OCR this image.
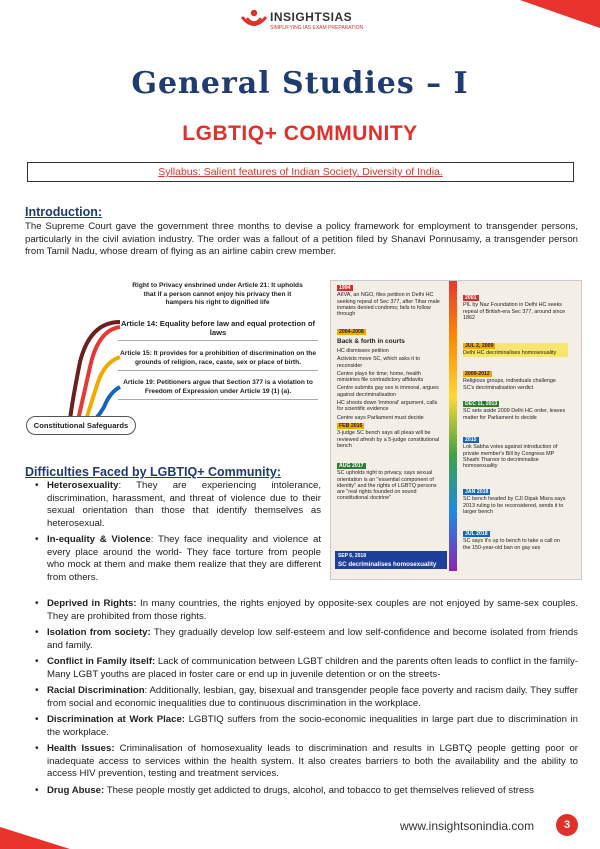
INSIGHTSIAS
SIMPLIFYING IAS EXAM PREPARATION
General Studies – I
LGBTIQ+ COMMUNITY
Syllabus: Salient features of Indian Society, Diversity of India.
Introduction:
The Supreme Court gave the government three months to devise a policy framework for employment to transgender persons, particularly in the civil aviation industry. The order was a fallout of a petition filed by Shanavi Ponnusamy, a transgender person from Tamil Nadu, whose dream of flying as an airline cabin crew member.
Right to Privacy enshrined under Article 21: It upholds that if a person cannot enjoy his privacy then it hampers his right to dignified life
Article 14: Equality before law and equal protection of laws
Article 15: It provides for a prohibition of discrimination on the grounds of religion, race, caste, sex or place of birth.
Article 19: Petitioners argue that Section 377 is a violation to Freedom of Expression under Article 19 (1) (a).
Constitutional Safeguards
1994
AIIVA, an NGO, files petition in Delhi HC seeking repeal of Sec 377, after Tihar male inmates denied condoms; fails to follow through
2004-2008
Back & forth in courts
HC dismisses petition
Activists move SC, which asks it to reconsider
Centre plays for time; home, health ministries file contradictory affidavits
Centre submits gay sex is immoral, argues against decriminalisation
HC shoots down 'immoral' argument, calls for scientific evidence
Centre says Parliament must decide
FEB 2016
3-judge SC bench says all pleas will be reviewed afresh by a 5-judge constitutional bench
AUG 2017
SC upholds right to privacy, says sexual orientation is an "essential component of identity" and the rights of LGBTQ persons are "real rights founded on sound constitutional doctrine"
SEP 6, 2018
SC decriminalises homosexuality
2001
PIL by Naz Foundation in Delhi HC seeks repeal of British-era Sec 377, around since 1862
JUL 2, 2009
Delhi HC decriminalises homosexuality
2009-2012
Religious groups, individuals challenge SC's decriminalisation verdict
DEC 11, 2013
SC sets aside 2009 Delhi HC order, leaves matter for Parliament to decide
2015
Lok Sabha votes against introduction of private member's Bill by Congress MP Shashi Tharoor to decriminalise homosexuality
JAN 2018
SC bench headed by CJI Dipak Misra says 2013 ruling to be reconsidered, sends it to larger bench
JUL 2018
SC says it's up to bench to take a call on the 150-year-old ban on gay sex
Difficulties Faced by LGBTIQ+ Community:
• Heterosexuality: They are experiencing intolerance, discrimination, harassment, and threat of violence due to their sexual orientation than those that identify themselves as heterosexual.
• In-equality & Violence: They face inequality and violence at every place around the world- They face torture from people who mock at them and make them realize that they are different from others.
• Deprived in Rights: In many countries, the rights enjoyed by opposite-sex couples are not enjoyed by same-sex couples. They are prohibited from those rights.
• Isolation from society: They gradually develop low self-esteem and low self-confidence and become isolated from friends and family.
• Conflict in Family itself: Lack of communication between LGBT children and the parents often leads to conflict in the family- Many LGBT youths are placed in foster care or end up in juvenile detention or on the streets-
• Racial Discrimination: Additionally, lesbian, gay, bisexual and transgender people face poverty and racism daily. They suffer from social and economic inequalities due to continuous discrimination in the workplace.
• Discrimination at Work Place: LGBTIQ suffers from the socio-economic inequalities in large part due to discrimination in the workplace.
• Health Issues: Criminalisation of homosexuality leads to discrimination and results in LGBTQ people getting poor or inadequate access to services within the health system. It also creates barriers to both the availability and the ability to access HIV prevention, testing and treatment services.
• Drug Abuse: These people mostly get addicted to drugs, alcohol, and tobacco to get themselves relieved of stress
www.insightsonindia.com	3
